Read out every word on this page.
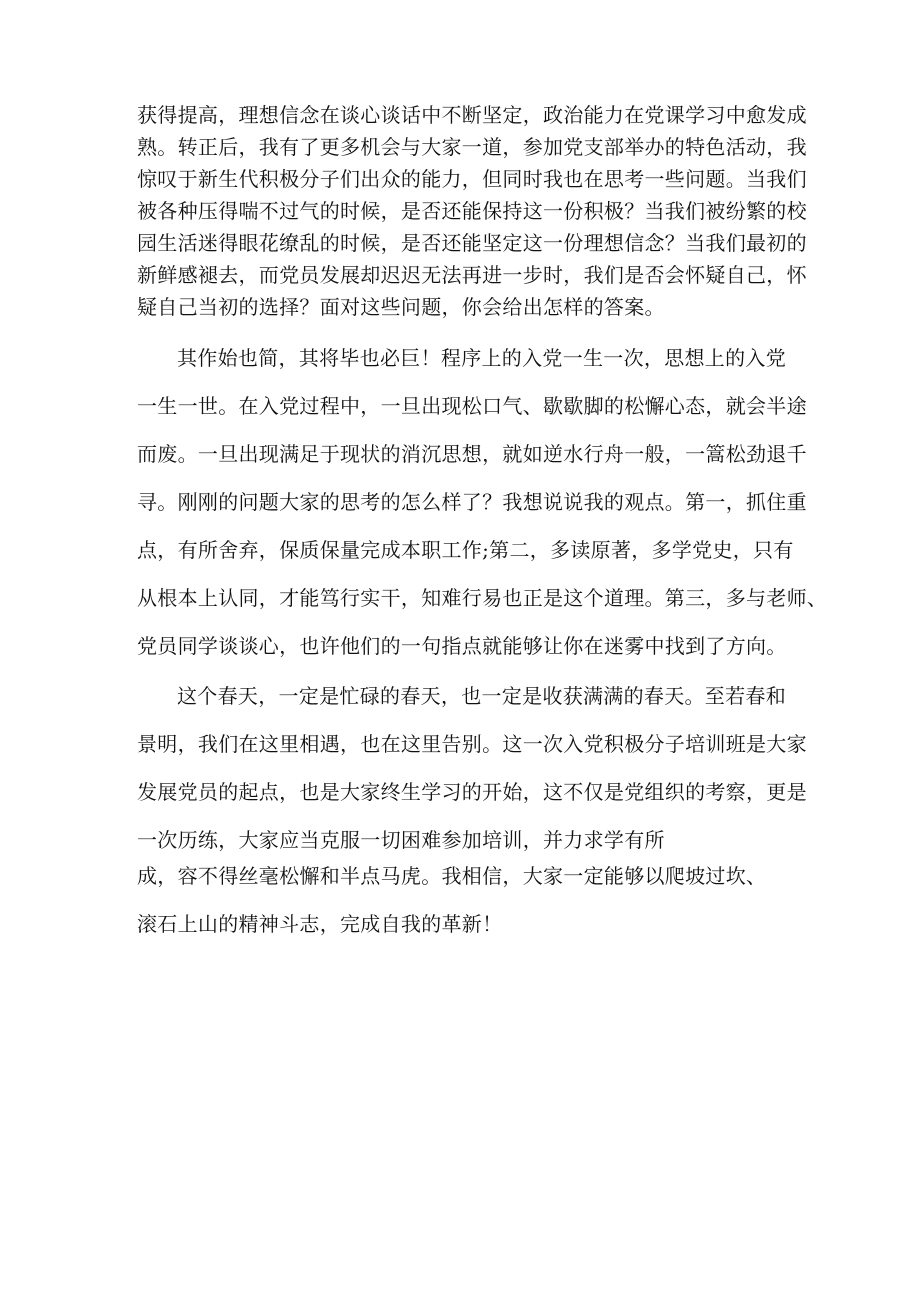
获得提高，理想信念在谈心谈话中不断坚定，政治能力在党课学习中愈发成
熟。转正后，我有了更多机会与大家一道，参加党支部举办的特色活动，我
惊叹于新生代积极分子们出众的能力，但同时我也在思考一些问题。当我们
被各种压得喘不过气的时候，是否还能保持这一份积极？当我们被纷繁的校
园生活迷得眼花缭乱的时候，是否还能坚定这一份理想信念？当我们最初的
新鲜感褪去，而党员发展却迟迟无法再进一步时，我们是否会怀疑自己，怀
疑自己当初的选择？面对这些问题，你会给出怎样的答案。
其作始也简，其将毕也必巨！程序上的入党一生一次，思想上的入党
一生一世。在入党过程中，一旦出现松口气、歇歇脚的松懈心态，就会半途
而废。一旦出现满足于现状的消沉思想，就如逆水行舟一般，一篙松劲退千
寻。刚刚的问题大家的思考的怎么样了？我想说说我的观点。第一，抓住重
点，有所舍弃，保质保量完成本职工作;第二，多读原著，多学党史，只有
从根本上认同，才能笃行实干，知难行易也正是这个道理。第三，多与老师、
党员同学谈谈心，也许他们的一句指点就能够让你在迷雾中找到了方向。
这个春天，一定是忙碌的春天，也一定是收获满满的春天。至若春和
景明，我们在这里相遇，也在这里告别。这一次入党积极分子培训班是大家
发展党员的起点，也是大家终生学习的开始，这不仅是党组织的考察，更是
一次历练，大家应当克服一切困难参加培训，并力求学有所
成，容不得丝毫松懈和半点马虎。我相信，大家一定能够以爬坡过坎、
滚石上山的精神斗志，完成自我的革新！
